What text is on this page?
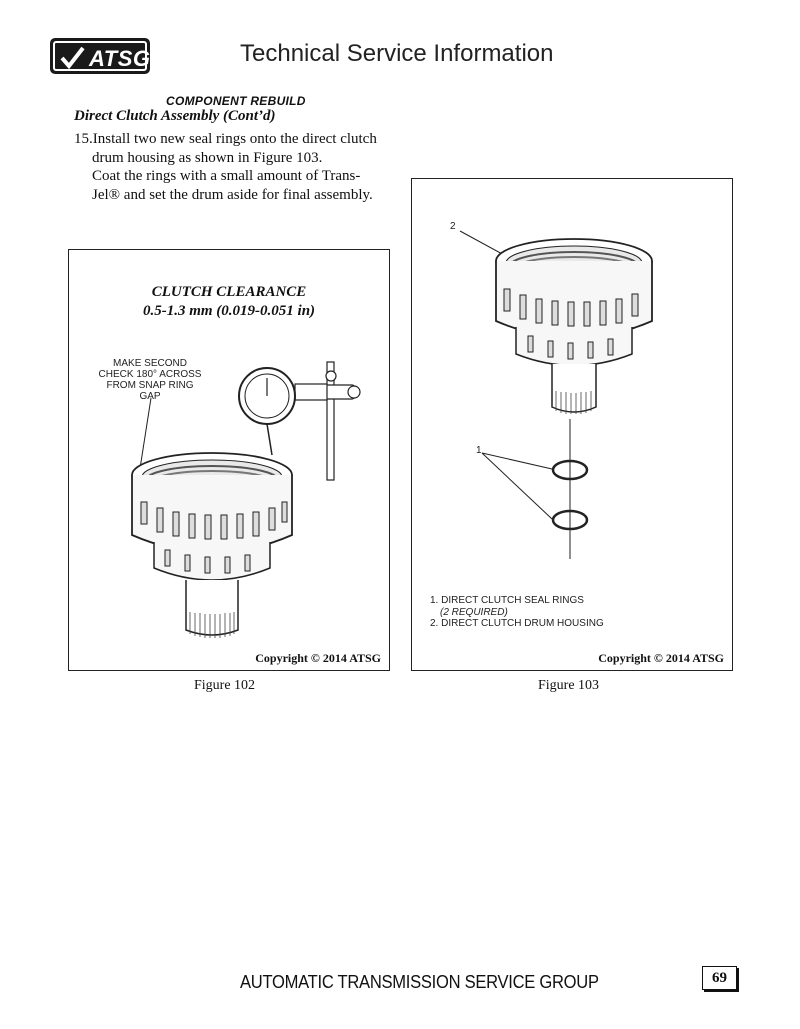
ATSG	Technical Service Information
COMPONENT REBUILD
Direct Clutch Assembly (Cont’d)
15.Install two new seal rings onto the direct clutch
drum housing as shown in Figure 103.
Coat the rings with a small amount of Trans-
Jel® and set the drum aside for final assembly.
CLUTCH CLEARANCE
0.5-1.3 mm (0.019-0.051 in)
MAKE SECOND
CHECK 180° ACROSS
FROM SNAP RING GAP
Copyright © 2014 ATSG
Figure 102
2
1
1. DIRECT CLUTCH SEAL RINGS
(2 REQUIRED)
2. DIRECT CLUTCH DRUM HOUSING
Copyright © 2014 ATSG
Figure 103
AUTOMATIC TRANSMISSION SERVICE GROUP	69
